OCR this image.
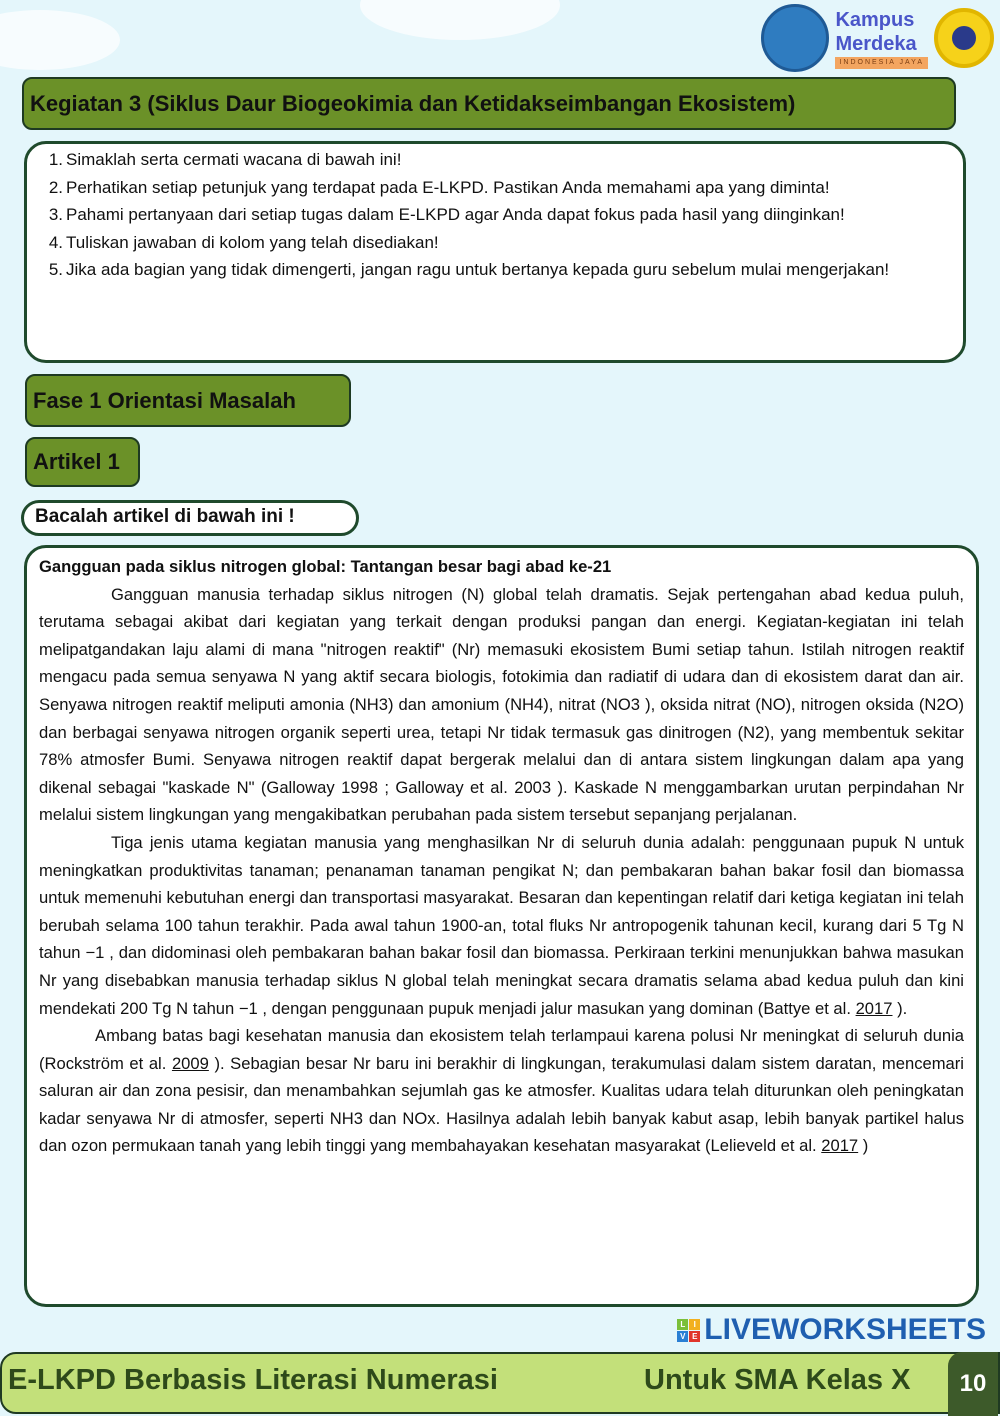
Kampus
Merdeka
INDONESIA JAYA
Kegiatan 3 (Siklus Daur Biogeokimia dan Ketidakseimbangan Ekosistem)
1. Simaklah serta cermati wacana di bawah ini!
2. Perhatikan setiap petunjuk yang terdapat pada E-LKPD. Pastikan Anda memahami apa yang diminta!
3. Pahami pertanyaan dari setiap tugas dalam E-LKPD agar Anda dapat fokus pada hasil yang diinginkan!
4. Tuliskan jawaban di kolom yang telah disediakan!
5. Jika ada bagian yang tidak dimengerti, jangan ragu untuk bertanya kepada guru sebelum mulai mengerjakan!
Fase 1 Orientasi Masalah
Artikel 1
Bacalah artikel di bawah ini !

Gangguan pada siklus nitrogen global: Tantangan besar bagi abad ke-21

Gangguan manusia terhadap siklus nitrogen (N) global telah dramatis. Sejak pertengahan abad kedua puluh, terutama sebagai akibat dari kegiatan yang terkait dengan produksi pangan dan energi. Kegiatan-kegiatan ini telah melipatgandakan laju alami di mana "nitrogen reaktif" (Nr) memasuki ekosistem Bumi setiap tahun. Istilah nitrogen reaktif mengacu pada semua senyawa N yang aktif secara biologis, fotokimia dan radiatif di udara dan di ekosistem darat dan air. Senyawa nitrogen reaktif meliputi amonia (NH3) dan amonium (NH4), nitrat (NO3 ), oksida nitrat (NO), nitrogen oksida (N2O) dan berbagai senyawa nitrogen organik seperti urea, tetapi Nr tidak termasuk gas dinitrogen (N2), yang membentuk sekitar 78% atmosfer Bumi. Senyawa nitrogen reaktif dapat bergerak melalui dan di antara sistem lingkungan dalam apa yang dikenal sebagai "kaskade N" (Galloway 1998 ; Galloway et al. 2003 ). Kaskade N menggambarkan urutan perpindahan Nr melalui sistem lingkungan yang mengakibatkan perubahan pada sistem tersebut sepanjang perjalanan.

Tiga jenis utama kegiatan manusia yang menghasilkan Nr di seluruh dunia adalah: penggunaan pupuk N untuk meningkatkan produktivitas tanaman; penanaman tanaman pengikat N; dan pembakaran bahan bakar fosil dan biomassa untuk memenuhi kebutuhan energi dan transportasi masyarakat. Besaran dan kepentingan relatif dari ketiga kegiatan ini telah berubah selama 100 tahun terakhir. Pada awal tahun 1900-an, total fluks Nr antropogenik tahunan kecil, kurang dari 5 Tg N tahun −1 , dan didominasi oleh pembakaran bahan bakar fosil dan biomassa. Perkiraan terkini menunjukkan bahwa masukan Nr yang disebabkan manusia terhadap siklus N global telah meningkat secara dramatis selama abad kedua puluh dan kini mendekati 200 Tg N tahun −1 , dengan penggunaan pupuk menjadi jalur masukan yang dominan (Battye et al. 2017 ).

Ambang batas bagi kesehatan manusia dan ekosistem telah terlampaui karena polusi Nr meningkat di seluruh dunia (Rockström et al. 2009 ). Sebagian besar Nr baru ini berakhir di lingkungan, terakumulasi dalam sistem daratan, mencemari saluran air dan zona pesisir, dan menambahkan sejumlah gas ke atmosfer. Kualitas udara telah diturunkan oleh peningkatan kadar senyawa Nr di atmosfer, seperti NH3 dan NOx. Hasilnya adalah lebih banyak kabut asap, lebih banyak partikel halus dan ozon permukaan tanah yang lebih tinggi yang membahayakan kesehatan masyarakat (Lelieveld et al. 2017 )

L	I
V E LIVEWORKSHEETS
E-LKPD Berbasis Literasi Numerasi	Untuk SMA Kelas X	10
